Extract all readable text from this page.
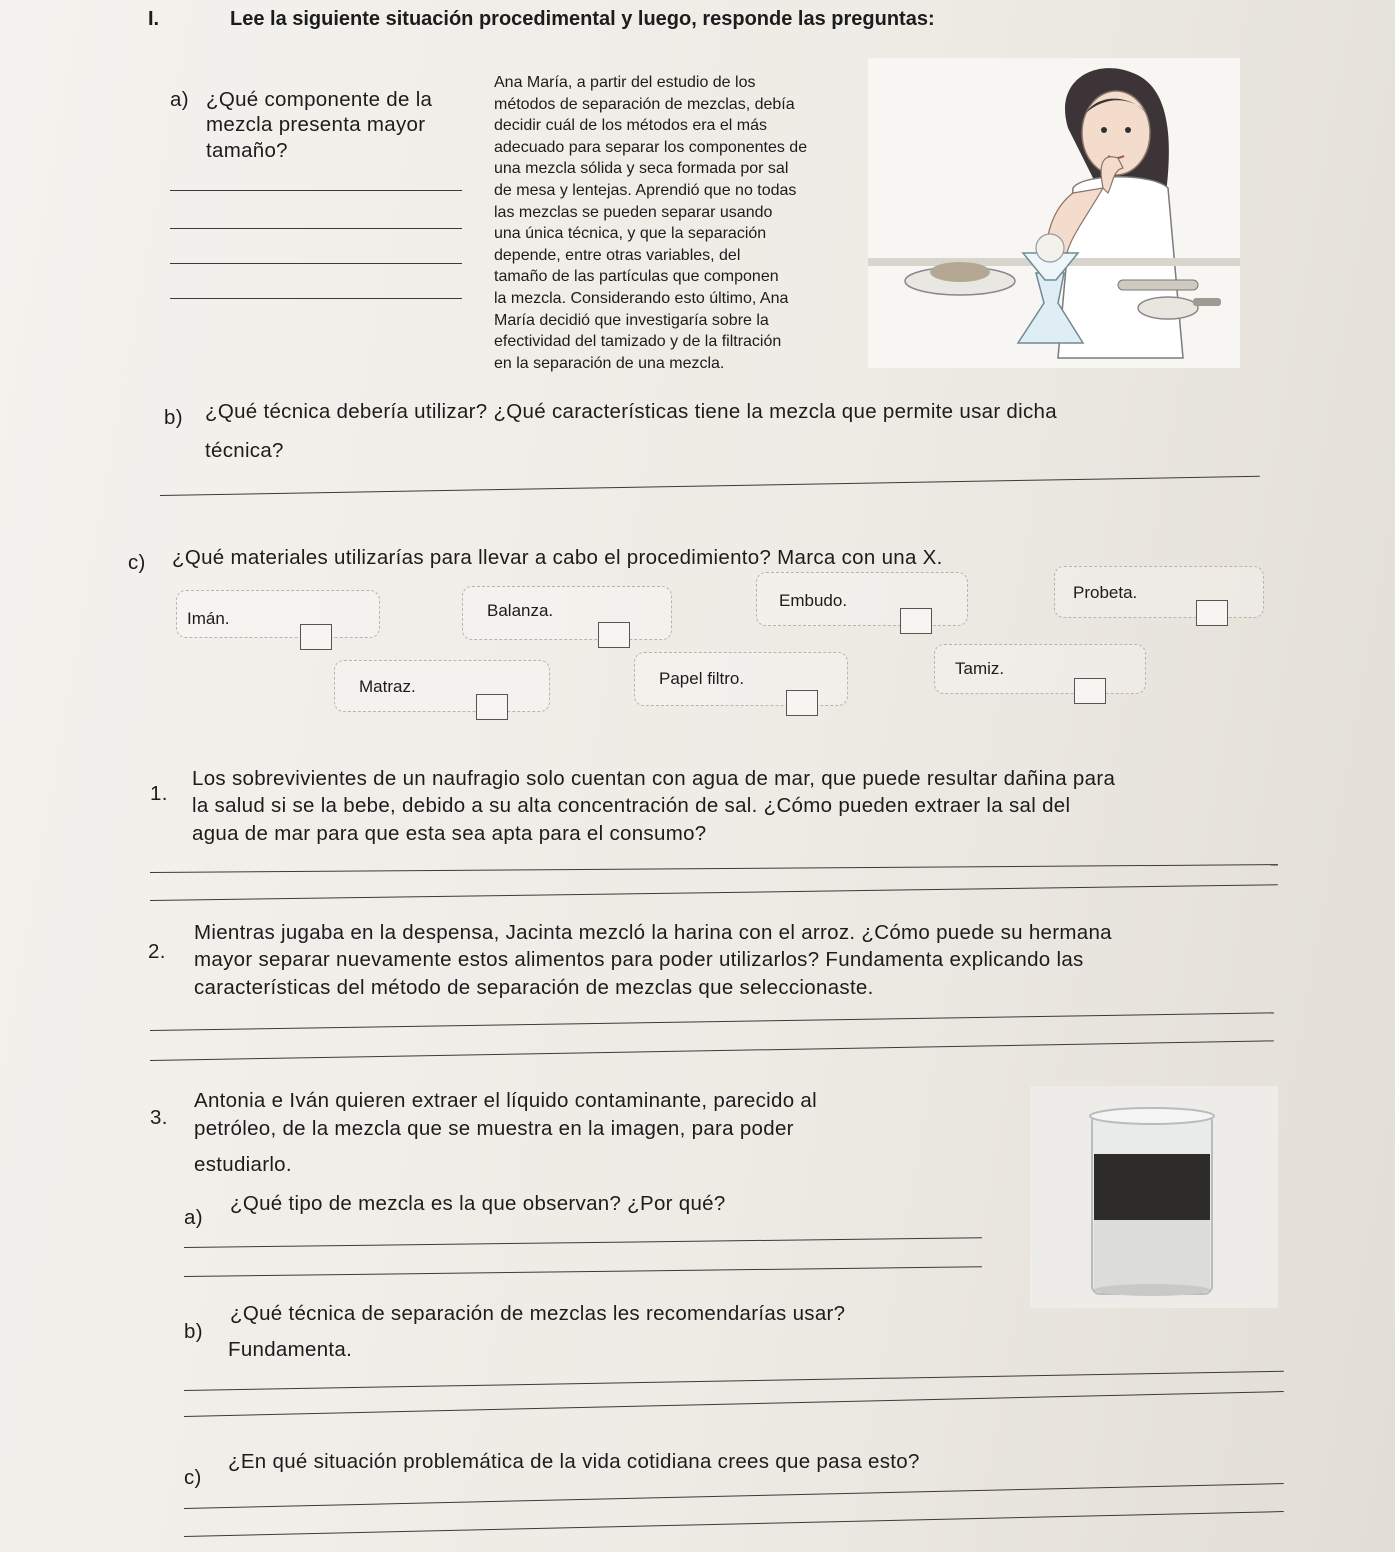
I.	Lee la siguiente situación procedimental y luego, responde las preguntas:
a) ¿Qué componente de la
mezcla presenta mayor
tamaño?
Ana María, a partir del estudio de los
métodos de separación de mezclas, debía
decidir cuál de los métodos era el más
adecuado para separar los componentes de
una mezcla sólida y seca formada por sal
de mesa y lentejas. Aprendió que no todas
las mezclas se pueden separar usando
una única técnica, y que la separación
depende, entre otras variables, del
tamaño de las partículas que componen
la mezcla. Considerando esto último, Ana
María decidió que investigaría sobre la
efectividad del tamizado y de la filtración
en la separación de una mezcla.
b) ¿Qué técnica debería utilizar? ¿Qué características tiene la mezcla que permite usar dicha
técnica?
c) ¿Qué materiales utilizarías para llevar a cabo el procedimiento? Marca con una X.
Imán.	Balanza.
Embudo.	Probeta.
Matraz.	Papel filtro.
Tamiz.
1.
Los sobrevivientes de un naufragio solo cuentan con agua de mar, que puede resultar dañina para
la salud si se la bebe, debido a su alta concentración de sal. ¿Cómo pueden extraer la sal del
agua de mar para que esta sea apta para el consumo?
2.
Mientras jugaba en la despensa, Jacinta mezcló la harina con el arroz. ¿Cómo puede su hermana
mayor separar nuevamente estos alimentos para poder utilizarlos? Fundamenta explicando las
características del método de separación de mezclas que seleccionaste.
3.
Antonia e Iván quieren extraer el líquido contaminante, parecido al
petróleo, de la mezcla que se muestra en la imagen, para poder
estudiarlo.
a)
¿Qué tipo de mezcla es la que observan? ¿Por qué?
b)
¿Qué técnica de separación de mezclas les recomendarías usar?
Fundamenta.
c)
¿En qué situación problemática de la vida cotidiana crees que pasa esto?
